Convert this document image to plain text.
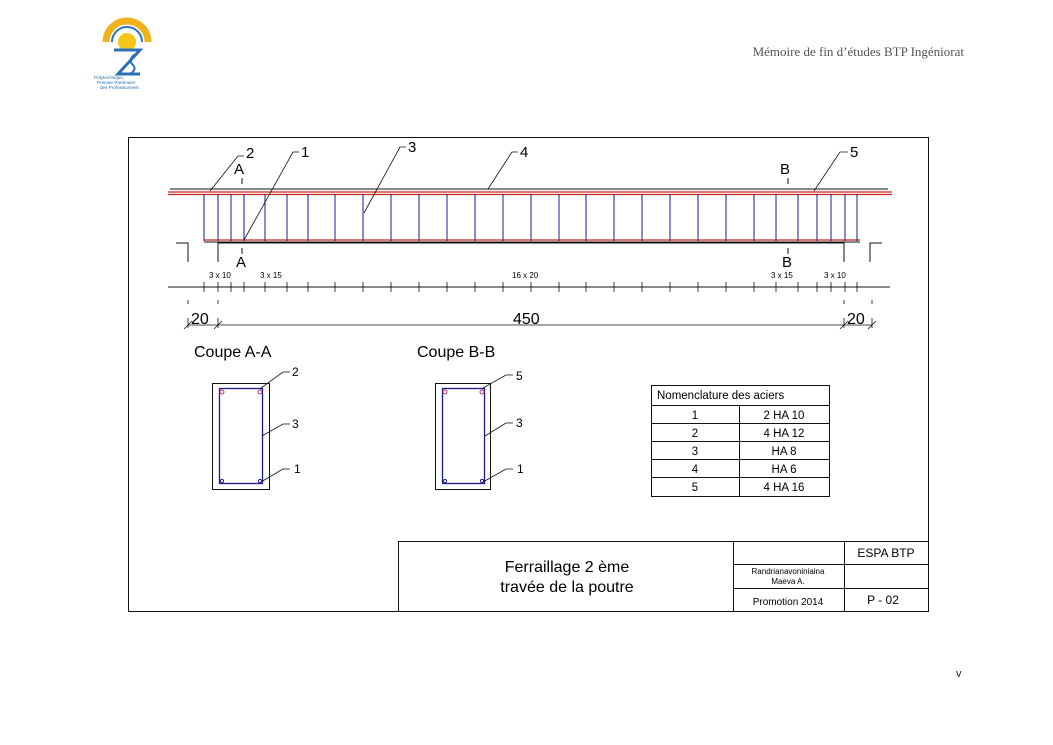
Mémoire de fin d’études BTP Ingéniorat
Polytechnique,
Premier Partenaire
des Professionnels
2	1	3	4	5
A
A
B
B
3 x 10	3 x 15	16 x 20	3 x 15	3 x 10
20	450	20
Coupe A-A
2
3
1
Coupe B-B
5
3
1
Nomenclature des aciers
1	2 HA 10
2	4 HA 12
3	HA 8
4	HA 6
5	4 HA 16
Ferraillage 2 ème
travée de la poutre
ESPA BTP
Randrianavoniniaina
Maeva A.
Promotion 2014	P - 02
v
